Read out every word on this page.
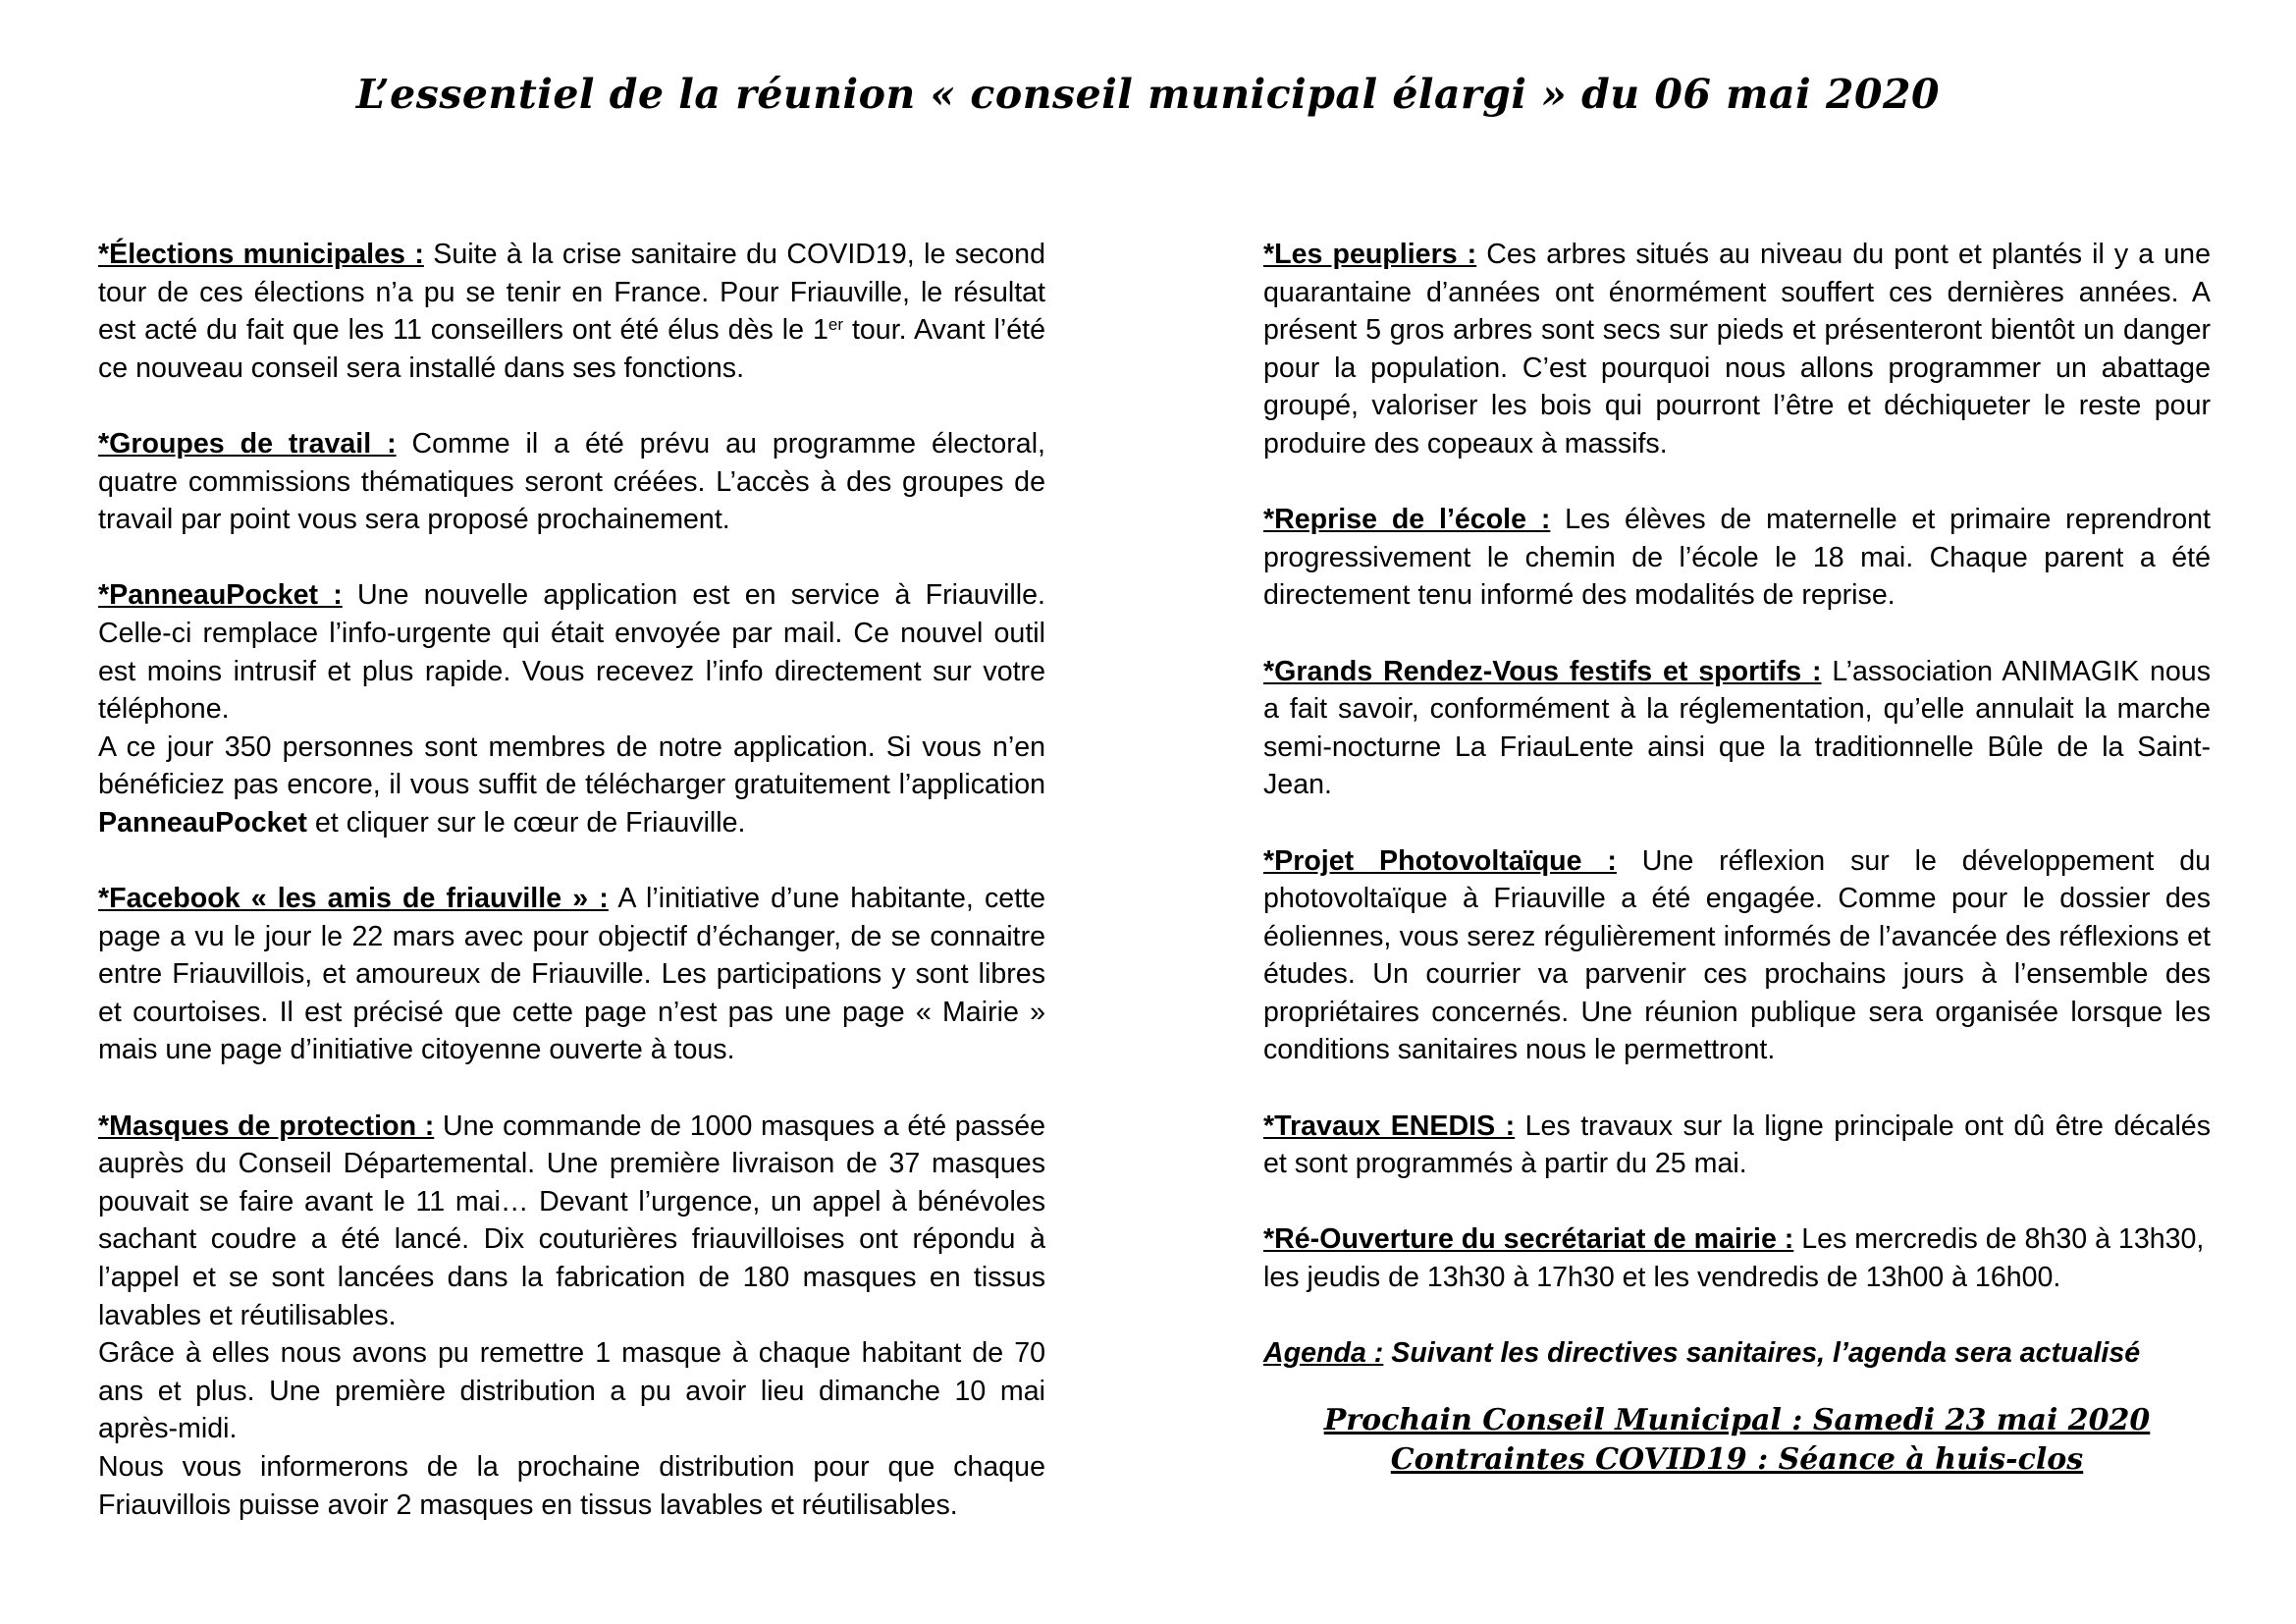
L’essentiel de la réunion « conseil municipal élargi » du 06 mai 2020

*Élections municipales : Suite à la crise sanitaire du COVID19, le second tour de ces élections n’a pu se tenir en France. Pour Friauville, le résultat est acté du fait que les 11 conseillers ont été élus dès le 1er tour. Avant l’été ce nouveau conseil sera installé dans ses fonctions.

*Groupes de travail : Comme il a été prévu au programme électoral, quatre commissions thématiques seront créées. L’accès à des groupes de travail par point vous sera proposé prochainement.

*PanneauPocket : Une nouvelle application est en service à Friauville. Celle-ci remplace l’info-urgente qui était envoyée par mail. Ce nouvel outil est moins intrusif et plus rapide. Vous recevez l’info directement sur votre téléphone.
A ce jour 350 personnes sont membres de notre application. Si vous n’en bénéficiez pas encore, il vous suffit de télécharger gratuitement l’application PanneauPocket et cliquer sur le cœur de Friauville.

*Facebook « les amis de friauville » : A l’initiative d’une habitante, cette page a vu le jour le 22 mars avec pour objectif d’échanger, de se connaitre entre Friauvillois, et amoureux de Friauville. Les participations y sont libres et courtoises. Il est précisé que cette page n’est pas une page « Mairie » mais une page d’initiative citoyenne ouverte à tous.

*Masques de protection : Une commande de 1000 masques a été passée auprès du Conseil Départemental. Une première livraison de 37 masques pouvait se faire avant le 11 mai… Devant l’urgence, un appel à bénévoles sachant coudre a été lancé. Dix couturières friauvilloises ont répondu à l’appel et se sont lancées dans la fabrication de 180 masques en tissus lavables et réutilisables.
Grâce à elles nous avons pu remettre 1 masque à chaque habitant de 70 ans et plus. Une première distribution a pu avoir lieu dimanche 10 mai après-midi.
Nous vous informerons de la prochaine distribution pour que chaque Friauvillois puisse avoir 2 masques en tissus lavables et réutilisables.

*Les peupliers : Ces arbres situés au niveau du pont et plantés il y a une quarantaine d’années ont énormément souffert ces dernières années. A présent 5 gros arbres sont secs sur pieds et présenteront bientôt un danger pour la population. C’est pourquoi nous allons programmer un abattage groupé, valoriser les bois qui pourront l’être et déchiqueter le reste pour produire des copeaux à massifs.

*Reprise de l’école : Les élèves de maternelle et primaire reprendront progressivement le chemin de l’école le 18 mai. Chaque parent a été directement tenu informé des modalités de reprise.

*Grands Rendez-Vous festifs et sportifs : L’association ANIMAGIK nous a fait savoir, conformément à la réglementation, qu’elle annulait la marche semi-nocturne La FriauLente ainsi que la traditionnelle Bûle de la Saint-Jean.

*Projet Photovoltaïque : Une réflexion sur le développement du photovoltaïque à Friauville a été engagée. Comme pour le dossier des éoliennes, vous serez régulièrement informés de l’avancée des réflexions et études. Un courrier va parvenir ces prochains jours à l’ensemble des propriétaires concernés. Une réunion publique sera organisée lorsque les conditions sanitaires nous le permettront.

*Travaux ENEDIS : Les travaux sur la ligne principale ont dû être décalés et sont programmés à partir du 25 mai.

*Ré-Ouverture du secrétariat de mairie : Les mercredis de 8h30 à 13h30,
les jeudis de 13h30 à 17h30 et les vendredis de 13h00 à 16h00.

Agenda : Suivant les directives sanitaires, l’agenda sera actualisé

Prochain Conseil Municipal : Samedi 23 mai 2020
Contraintes COVID19 : Séance à huis-clos
